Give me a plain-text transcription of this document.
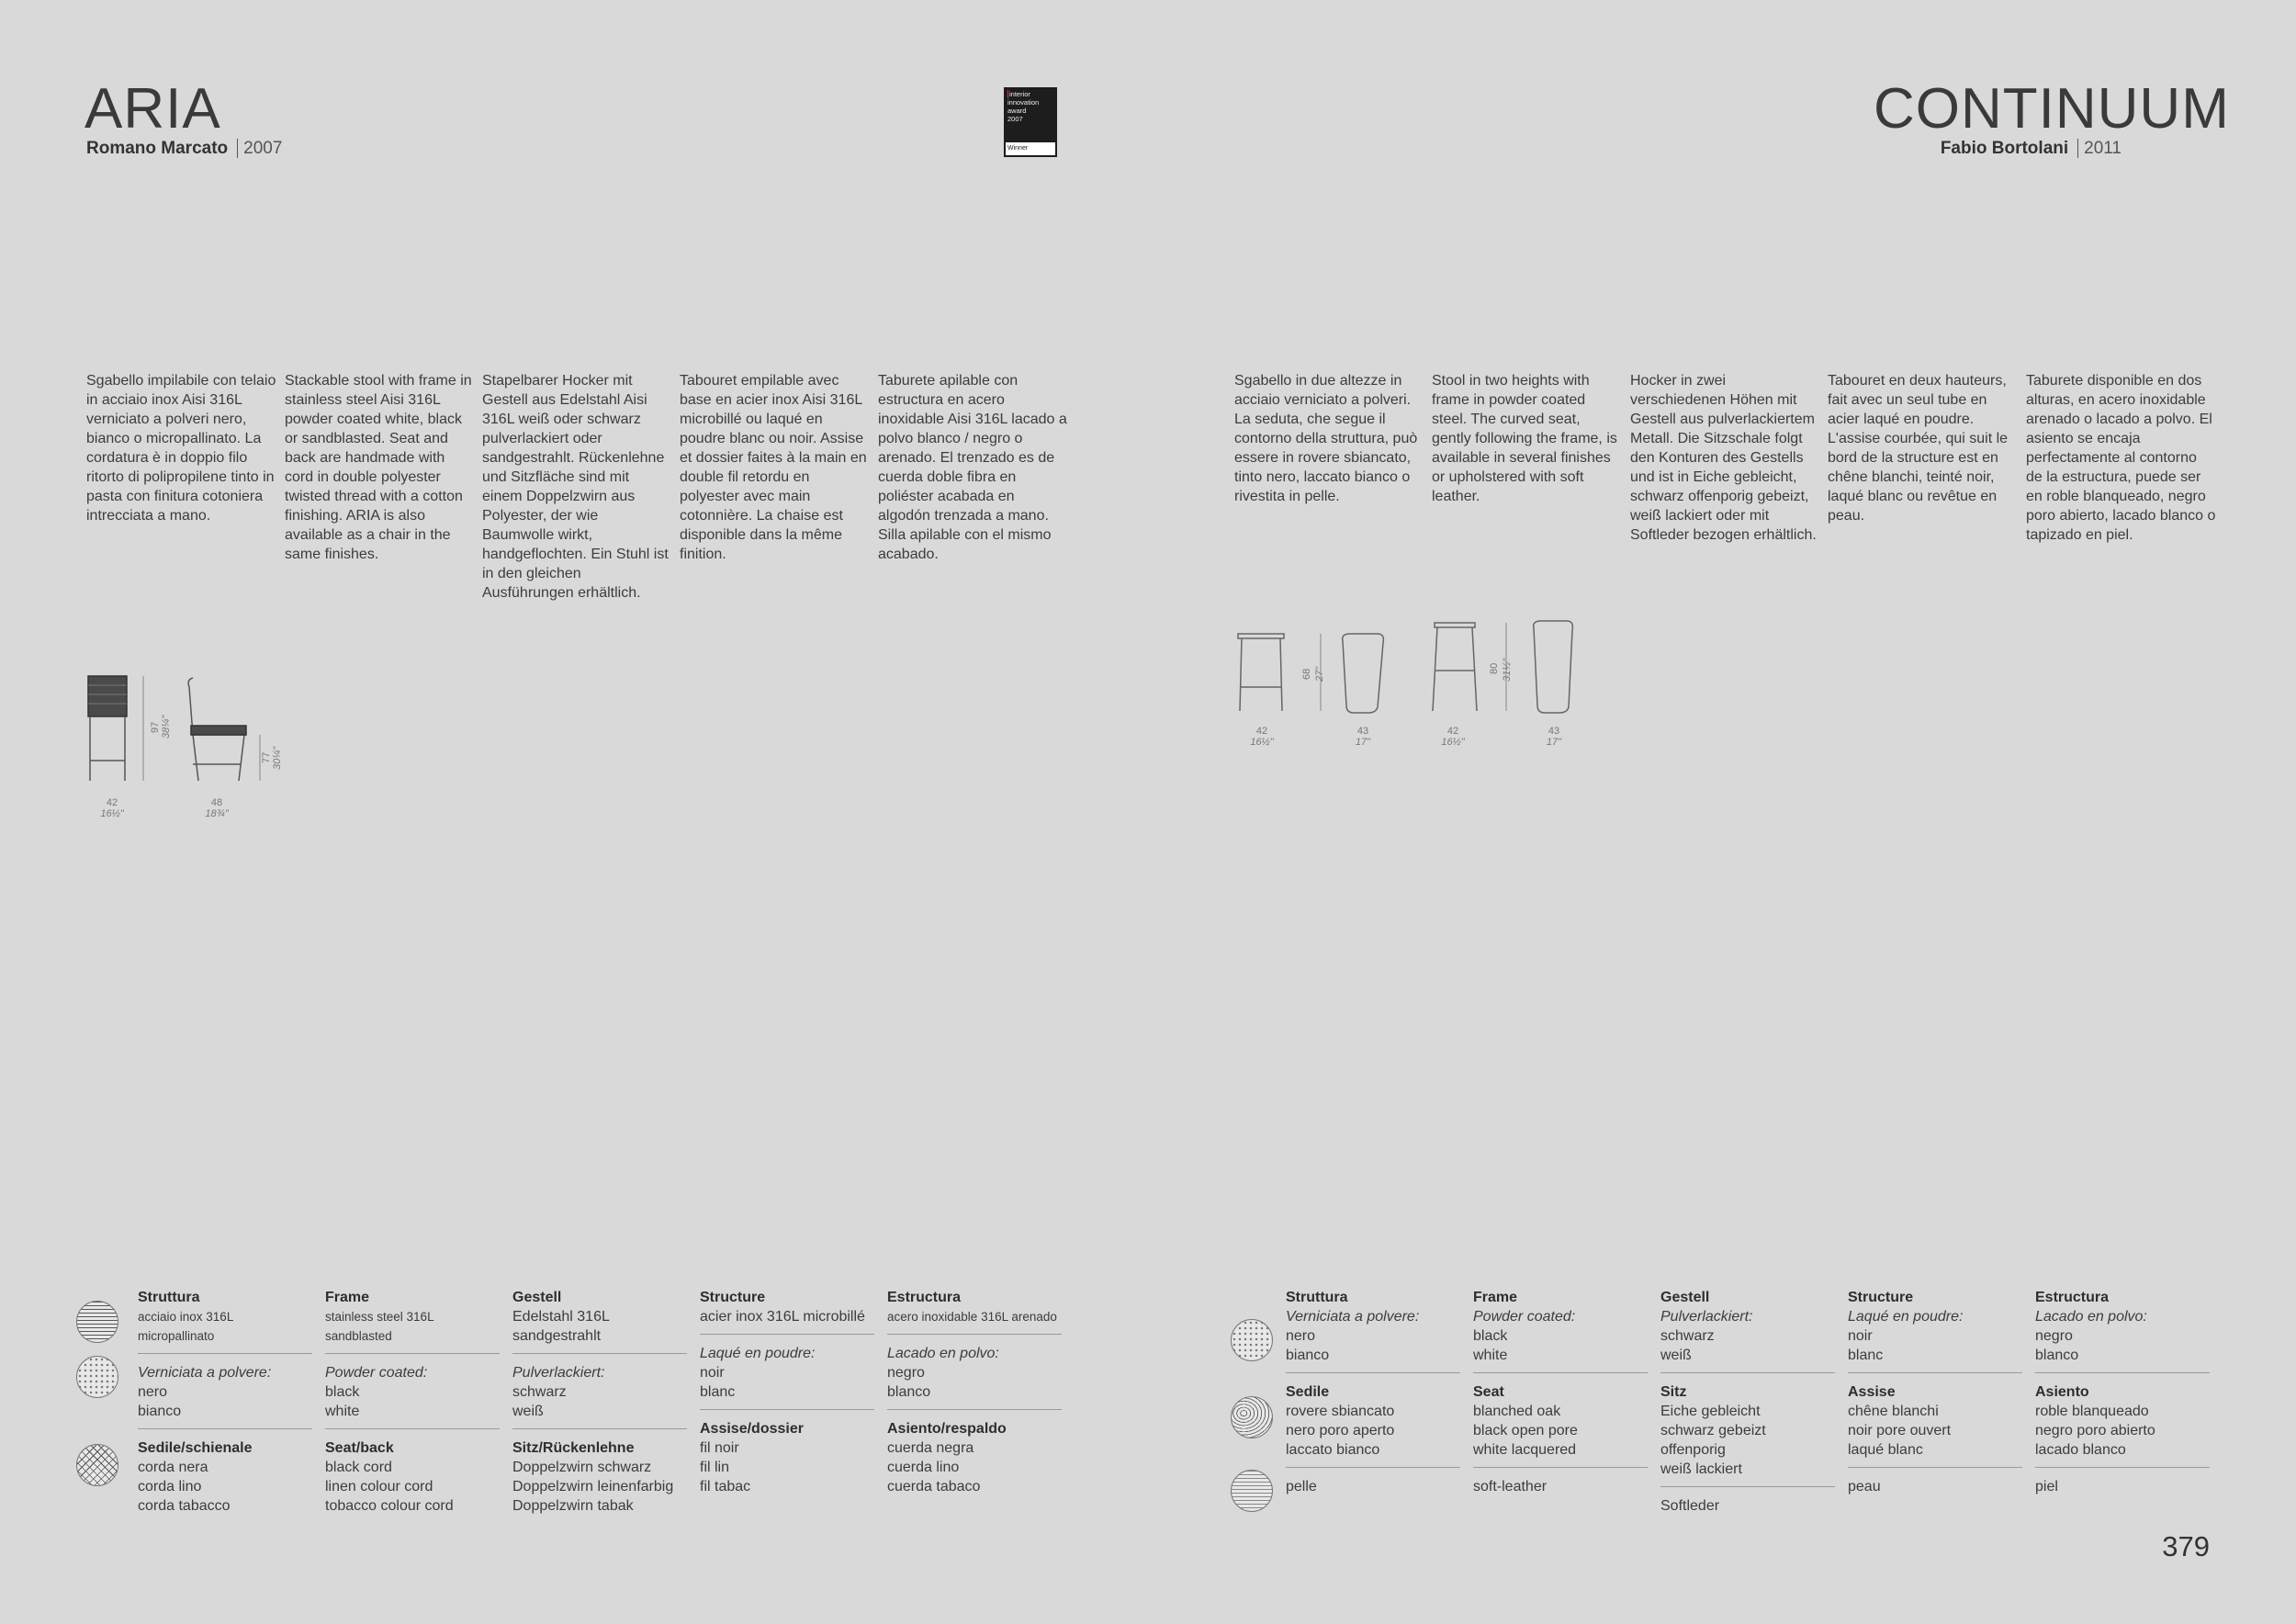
ARIA
Romano Marcato 2007
interior
innovation
award
2007
Winner
Sgabello impilabile con telaio in acciaio inox Aisi 316L verniciato a polveri nero, bianco o micropallinato. La cordatura è in doppio filo ritorto di polipropilene tinto in pasta con finitura cotoniera intrecciata a mano.
Stackable stool with frame in stainless steel Aisi 316L powder coated white, black or sandblasted. Seat and back are handmade with cord in double polyester twisted thread with a cotton finishing. ARIA is also available as a chair in the same finishes.
Stapelbarer Hocker mit Gestell aus Edelstahl Aisi 316L weiß oder schwarz pulverlackiert oder sandgestrahlt. Rückenlehne und Sitzfläche sind mit einem Doppelzwirn aus Polyester, der wie Baumwolle wirkt, handgeflochten. Ein Stuhl ist in den gleichen Ausführungen erhältlich.
Tabouret empilable avec base en acier inox Aisi 316L microbillé ou laqué en poudre blanc ou noir. Assise et dossier faites à la main en double fil retordu en polyester avec main cotonnière. La chaise est disponible dans la même finition.
Taburete apilable con estructura en acero inoxidable Aisi 316L lacado a polvo blanco / negro o arenado. El trenzado es de cuerda doble fibra en poliéster acabada en algodón trenzada a mano. Silla apilable con el mismo acabado.
97 38¼"
77 30¼"
42
16½"
48
18¾"
Struttura
acciaio inox 316L micropallinato
Verniciata a polvere:
nero
bianco
Sedile/schienale
corda nera
corda lino
corda tabacco
Frame
stainless steel 316L sandblasted
Powder coated:
black
white
Seat/back
black cord
linen colour cord
tobacco colour cord
Gestell
Edelstahl 316L sandgestrahlt
Pulverlackiert:
schwarz
weiß
Sitz/Rückenlehne
Doppelzwirn schwarz
Doppelzwirn leinenfarbig
Doppelzwirn tabak
Structure
acier inox 316L microbillé
Laqué en poudre:
noir
blanc
Assise/dossier
fil noir
fil lin
fil tabac
Estructura
acero inoxidable 316L arenado
Lacado en polvo:
negro
blanco
Asiento/respaldo
cuerda negra
cuerda lino
cuerda tabaco
CONTINUUM
Fabio Bortolani 2011
Sgabello in due altezze in acciaio verniciato a polveri. La seduta, che segue il contorno della struttura, può essere in rovere sbiancato, tinto nero, laccato bianco o rivestita in pelle.
Stool in two heights with frame in powder coated steel. The curved seat, gently following the frame, is available in several finishes or upholstered with soft leather.
Hocker in zwei verschiedenen Höhen mit Gestell aus pulverlackiertem Metall. Die Sitzschale folgt den Konturen des Gestells und ist in Eiche gebleicht, schwarz offenporig gebeizt, weiß lackiert oder mit Softleder bezogen erhältlich.
Tabouret en deux hauteurs, fait avec un seul tube en acier laqué en poudre. L'assise courbée, qui suit le bord de la structure est en chêne blanchi, teinté noir, laqué blanc ou revêtue en peau.
Taburete disponible en dos alturas, en acero inoxidable arenado o lacado a polvo. El asiento se encaja perfectamente al contorno de la estructura, puede ser en roble blanqueado, negro poro abierto, lacado blanco o tapizado en piel.
68 27"	80 31½"
42
16½"
43
17"
42
16½"
43
17"
Struttura
Verniciata a polvere:
nero
bianco
Sedile
rovere sbiancato
nero poro aperto
laccato bianco
pelle
Frame
Powder coated:
black
white
Seat
blanched oak
black open pore
white lacquered
soft-leather
Gestell
Pulverlackiert:
schwarz
weiß
Sitz
Eiche gebleicht
schwarz gebeizt offenporig
weiß lackiert
Softleder
Structure
Laqué en poudre:
noir
blanc
Assise
chêne blanchi
noir pore ouvert
laqué blanc
peau
Estructura
Lacado en polvo:
negro
blanco
Asiento
roble blanqueado
negro poro abierto
lacado blanco
piel
379
